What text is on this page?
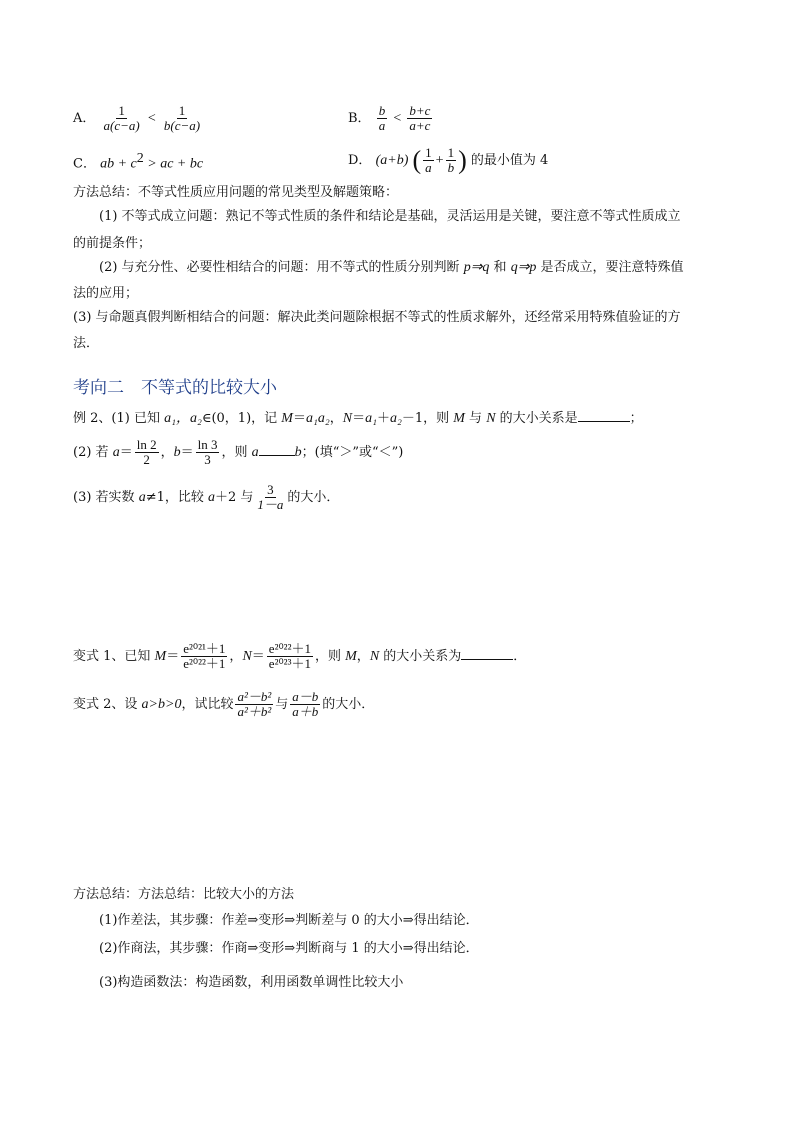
A． $\frac{1}{a(c-a)} < \frac{1}{b(c-a)}$	B． $\frac{b}{a} < \frac{b+c}{a+c}$
C． ab + $c^2$ > ac + bc	D． (a+b) ( $\frac{1}{a} + \frac{1}{b}$ ) 的最小值为 4
方法总结：不等式性质应用问题的常见类型及解题策略：
(1) 不等式成立问题：熟记不等式性质的条件和结论是基础，灵活运用是关键，要注意不等式性质成立
的前提条件；
(2) 与充分性、必要性相结合的问题：用不等式的性质分别判断 p⇒q 和 q⇒p 是否成立，要注意特殊值
法的应用；
(3) 与命题真假判断相结合的问题：解决此类问题除根据不等式的性质求解外，还经常采用特殊值验证的方
法．
考向二　不等式的比较大小
例 2、(1) 已知 a₁，a₂∈(0，1)，记 M＝a₁a₂，N＝a₁＋a₂－1，则 M 与 N 的大小关系是	；
(2) 若 $a= \frac{\ln 2}{2}$ ，$b= \frac{\ln 3}{3}$ ，则 a	b；(填“＞”或“＜”)
(3) 若实数 a≠1，比较 a＋2 与 $\frac{3}{1-a}$ 的大小．
变式 1、已知 $M= \frac{\text{e²⁰²¹＋1}}{\text{e²⁰²²＋1}}$ ，$N= \frac{\text{e²⁰²²＋1}}{\text{e²⁰²³＋1}}$ ，则 M，N 的大小关系为	．
变式 2、设 a>b>0，试比较 $\frac{\text{a²－b²}}{\text{a²＋b²}}$ 与 $\frac{a-b}{a+b}$ 的大小．
方法总结：方法总结：比较大小的方法
(1)作差法，其步骤：作差⇒变形⇒判断差与 0 的大小⇒得出结论．
(2)作商法，其步骤：作商⇒变形⇒判断商与 1 的大小⇒得出结论．
(3)构造函数法：构造函数，利用函数单调性比较大小
